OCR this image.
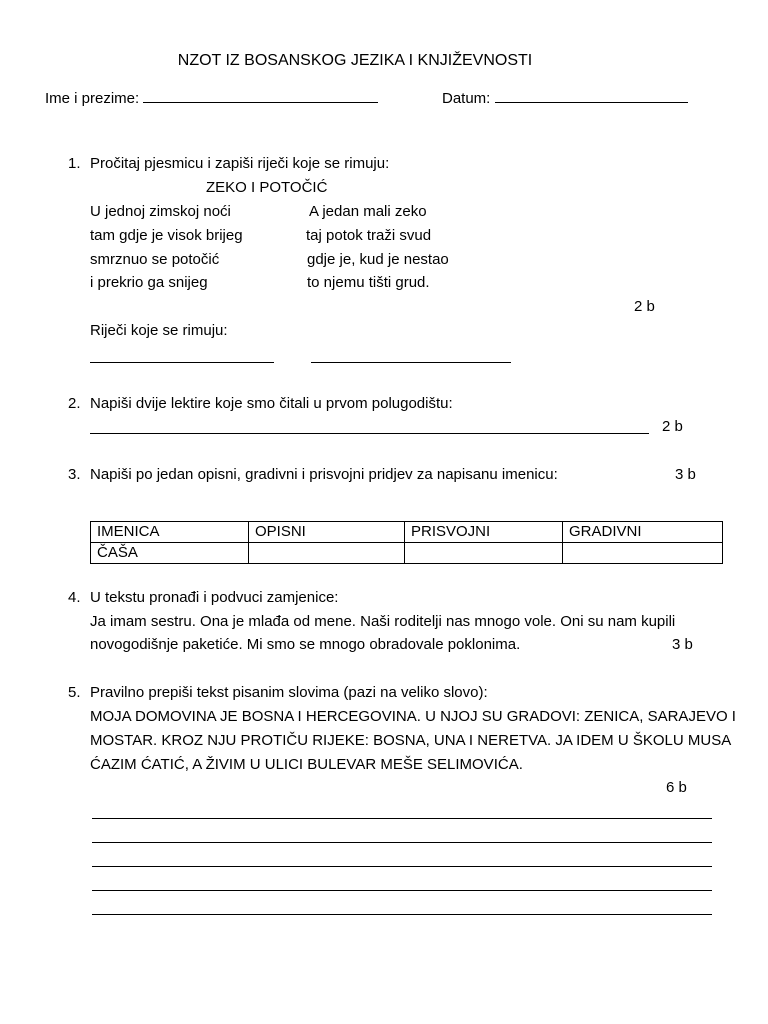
NZOT IZ BOSANSKOG JEZIKA I KNJIŽEVNOSTI
Ime i prezime:	Datum:
1. Pročitaj pjesmicu i zapiši riječi koje se rimuju:
ZEKO I POTOČIĆ
U jednoj zimskoj noći
tam gdje je visok brijeg
smrznuo se potočić
i prekrio ga snijeg
A jedan mali zeko
taj potok traži svud
gdje je, kud je nestao
to njemu tišti grud.
2 b
Riječi koje se rimuju:
2. Napiši dvije lektire koje smo čitali u prvom polugodištu:
2 b
3. Napiši po jedan opisni, gradivni i prisvojni pridjev za napisanu imenicu:	3 b
IMENICA	OPISNI	PRISVOJNI	GRADIVNI
ČAŠA			
4. U tekstu pronađi i podvuci zamjenice:
Ja imam sestru. Ona je mlađa od mene. Naši roditelji nas mnogo vole. Oni su nam kupili
novogodišnje paketiće. Mi smo se mnogo obradovale poklonima.	3 b
5. Pravilno prepiši tekst pisanim slovima (pazi na veliko slovo):
MOJA DOMOVINA JE BOSNA I HERCEGOVINA. U NJOJ SU GRADOVI: ZENICA, SARAJEVO I
MOSTAR. KROZ NJU PROTIČU RIJEKE: BOSNA, UNA I NERETVA. JA IDEM U ŠKOLU MUSA
ĆAZIM ĆATIĆ, A ŽIVIM U ULICI BULEVAR MEŠE SELIMOVIĆA.
6 b
